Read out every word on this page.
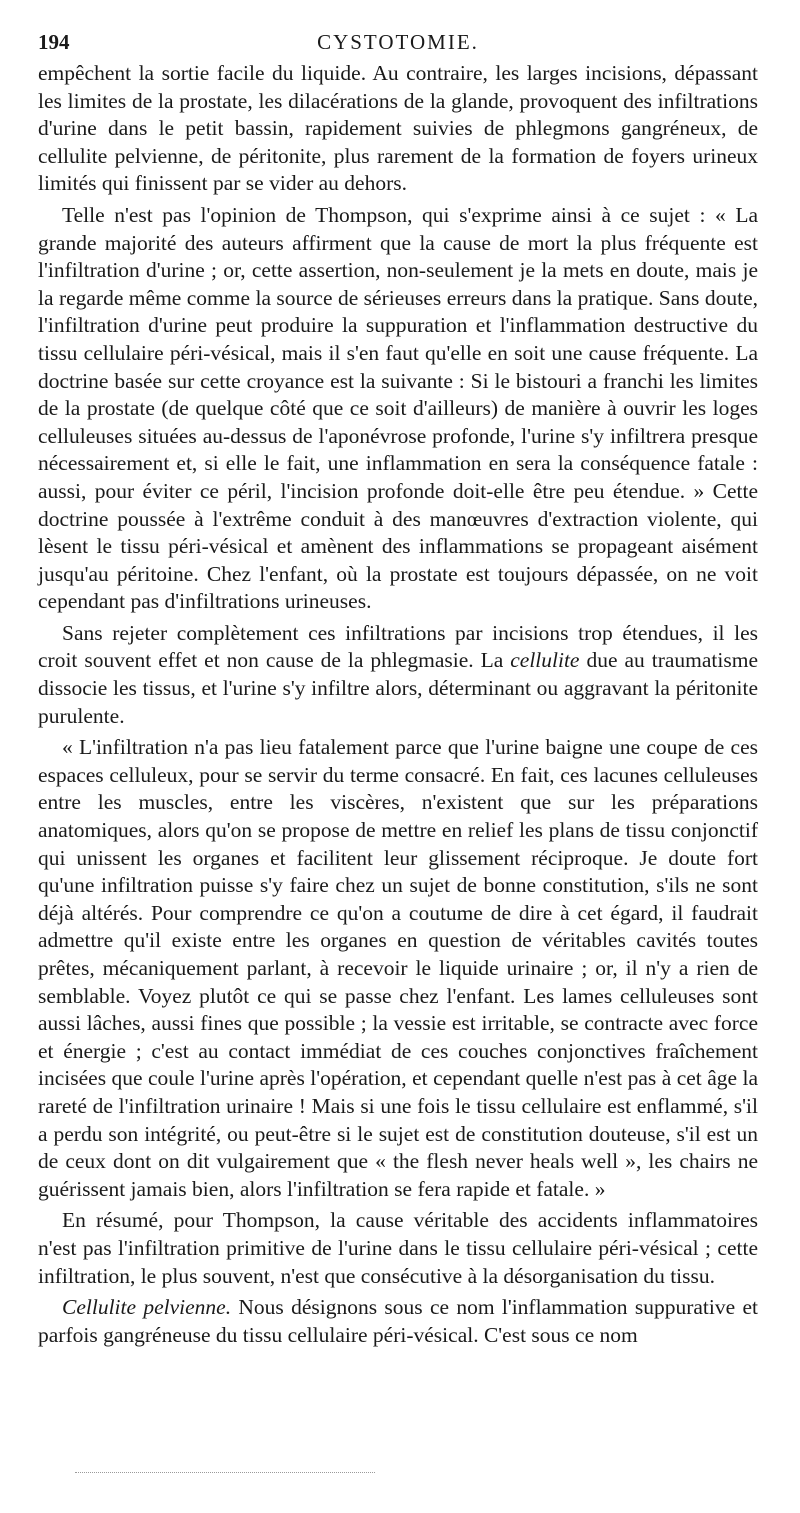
194	CYSTOTOMIE.

empêchent la sortie facile du liquide. Au contraire, les larges incisions, dépassant les limites de la prostate, les dilacérations de la glande, provoquent des infiltrations d'urine dans le petit bassin, rapidement suivies de phlegmons gangréneux, de cellulite pelvienne, de péritonite, plus rarement de la formation de foyers urineux limités qui finissent par se vider au dehors.

Telle n'est pas l'opinion de Thompson, qui s'exprime ainsi à ce sujet : « La grande majorité des auteurs affirment que la cause de mort la plus fréquente est l'infiltration d'urine ; or, cette assertion, non-seulement je la mets en doute, mais je la regarde même comme la source de sérieuses erreurs dans la pratique. Sans doute, l'infiltration d'urine peut produire la suppuration et l'inflammation destructive du tissu cellulaire péri-vésical, mais il s'en faut qu'elle en soit une cause fréquente. La doctrine basée sur cette croyance est la suivante : Si le bistouri a franchi les limites de la prostate (de quelque côté que ce soit d'ailleurs) de manière à ouvrir les loges celluleuses situées au-dessus de l'aponévrose profonde, l'urine s'y infiltrera presque nécessairement et, si elle le fait, une inflammation en sera la conséquence fatale : aussi, pour éviter ce péril, l'incision profonde doit-elle être peu étendue. » Cette doctrine poussée à l'extrême conduit à des manœuvres d'extraction violente, qui lèsent le tissu péri-vésical et amènent des inflammations se propageant aisément jusqu'au péritoine. Chez l'enfant, où la prostate est toujours dépassée, on ne voit cependant pas d'infiltrations urineuses.

Sans rejeter complètement ces infiltrations par incisions trop étendues, il les croit souvent effet et non cause de la phlegmasie. La cellulite due au traumatisme dissocie les tissus, et l'urine s'y infiltre alors, déterminant ou aggravant la péritonite purulente.

« L'infiltration n'a pas lieu fatalement parce que l'urine baigne une coupe de ces espaces celluleux, pour se servir du terme consacré. En fait, ces lacunes celluleuses entre les muscles, entre les viscères, n'existent que sur les préparations anatomiques, alors qu'on se propose de mettre en relief les plans de tissu conjonctif qui unissent les organes et facilitent leur glissement réciproque. Je doute fort qu'une infiltration puisse s'y faire chez un sujet de bonne constitution, s'ils ne sont déjà altérés. Pour comprendre ce qu'on a coutume de dire à cet égard, il faudrait admettre qu'il existe entre les organes en question de véritables cavités toutes prêtes, mécaniquement parlant, à recevoir le liquide urinaire ; or, il n'y a rien de semblable. Voyez plutôt ce qui se passe chez l'enfant. Les lames celluleuses sont aussi lâches, aussi fines que possible ; la vessie est irritable, se contracte avec force et énergie ; c'est au contact immédiat de ces couches conjonctives fraîchement incisées que coule l'urine après l'opération, et cependant quelle n'est pas à cet âge la rareté de l'infiltration urinaire ! Mais si une fois le tissu cellulaire est enflammé, s'il a perdu son intégrité, ou peut-être si le sujet est de constitution douteuse, s'il est un de ceux dont on dit vulgairement que « the flesh never heals well », les chairs ne guérissent jamais bien, alors l'infiltration se fera rapide et fatale. »

En résumé, pour Thompson, la cause véritable des accidents inflammatoires n'est pas l'infiltration primitive de l'urine dans le tissu cellulaire péri-vésical ; cette infiltration, le plus souvent, n'est que consécutive à la désorganisation du tissu.

Cellulite pelvienne. Nous désignons sous ce nom l'inflammation suppurative et parfois gangréneuse du tissu cellulaire péri-vésical. C'est sous ce nom
